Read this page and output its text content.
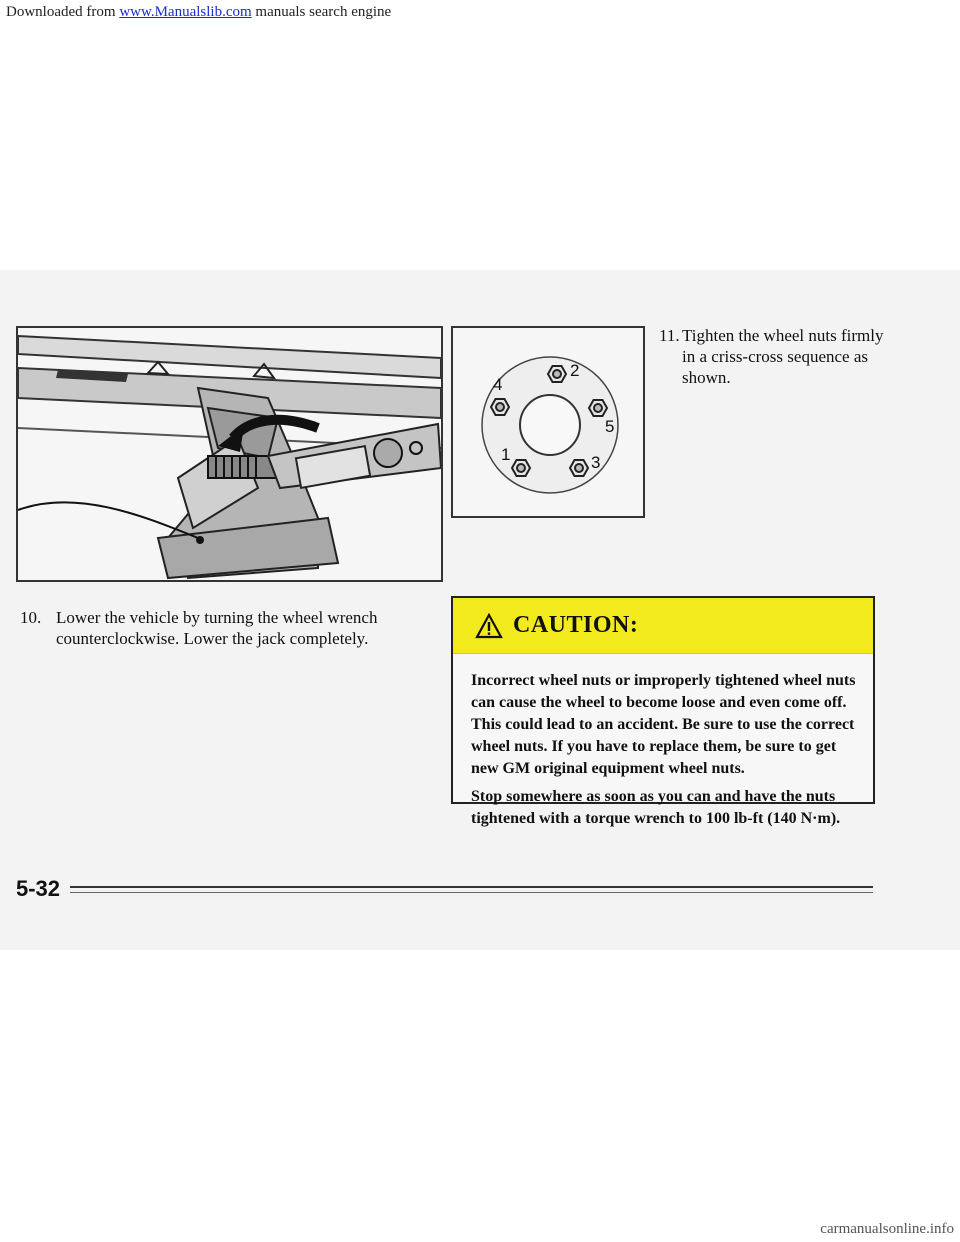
Downloaded from www.Manualslib.com manuals search engine
2
4
5
1	3
11. Tighten the wheel nuts firmly in a criss-cross sequence as shown.
10. Lower the vehicle by turning the wheel wrench counterclockwise. Lower the jack completely.
CAUTION:

Incorrect wheel nuts or improperly tightened wheel nuts can cause the wheel to become loose and even come off. This could lead to an accident. Be sure to use the correct wheel nuts. If you have to replace them, be sure to get new GM original equipment wheel nuts.

Stop somewhere as soon as you can and have the nuts tightened with a torque wrench to 100 lb-ft (140 N·m).

5-32
carmanualsonline.info
